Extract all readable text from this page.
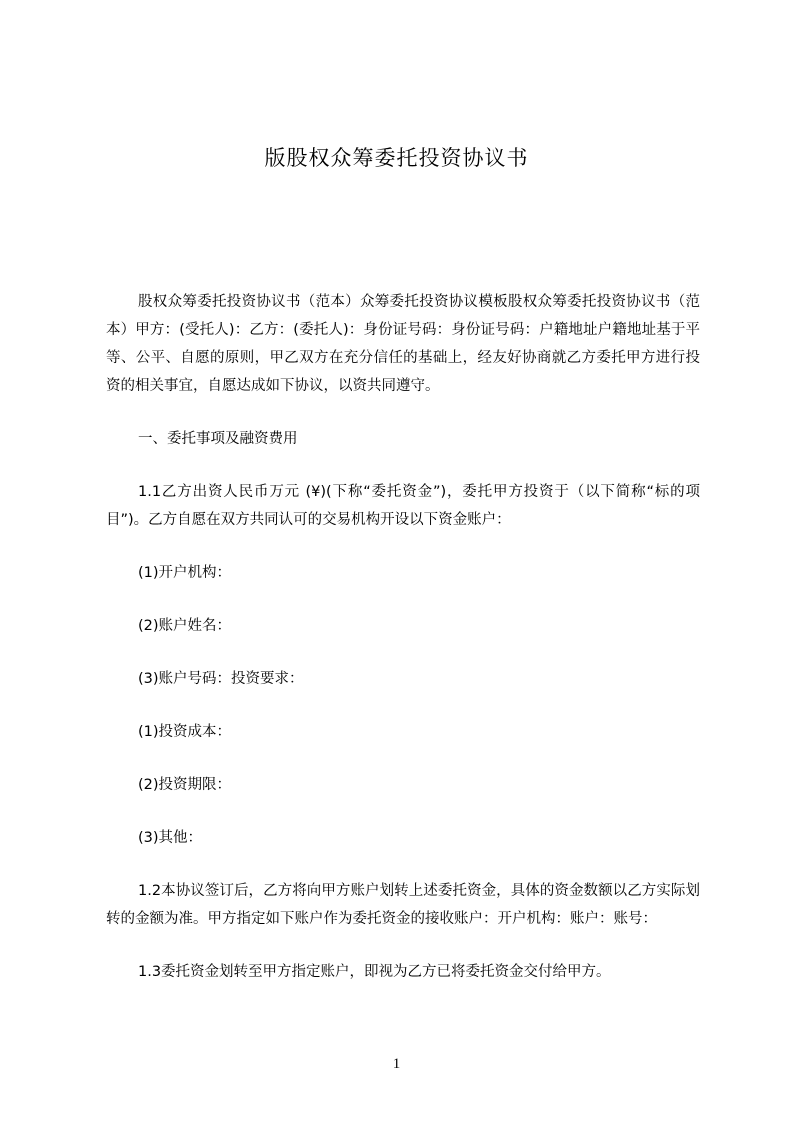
版股权众筹委托投资协议书

股权众筹委托投资协议书（范本）众筹委托投资协议模板股权众筹委托投资协议书（范本）甲方：(受托人)：乙方：(委托人)：身份证号码：身份证号码：户籍地址户籍地址基于平等、公平、自愿的原则，甲乙双方在充分信任的基础上，经友好协商就乙方委托甲方进行投资的相关事宜，自愿达成如下协议，以资共同遵守。

一、委托事项及融资费用

1.1乙方出资人民币万元 (¥)(下称“委托资金”)，委托甲方投资于（以下简称“标的项目”)。乙方自愿在双方共同认可的交易机构开设以下资金账户：

(1)开户机构：

(2)账户姓名：

(3)账户号码：投资要求：

(1)投资成本：

(2)投资期限：

(3)其他：

1.2本协议签订后，乙方将向甲方账户划转上述委托资金，具体的资金数额以乙方实际划转的金额为准。甲方指定如下账户作为委托资金的接收账户：开户机构：账户：账号：

1.3委托资金划转至甲方指定账户，即视为乙方已将委托资金交付给甲方。

1
